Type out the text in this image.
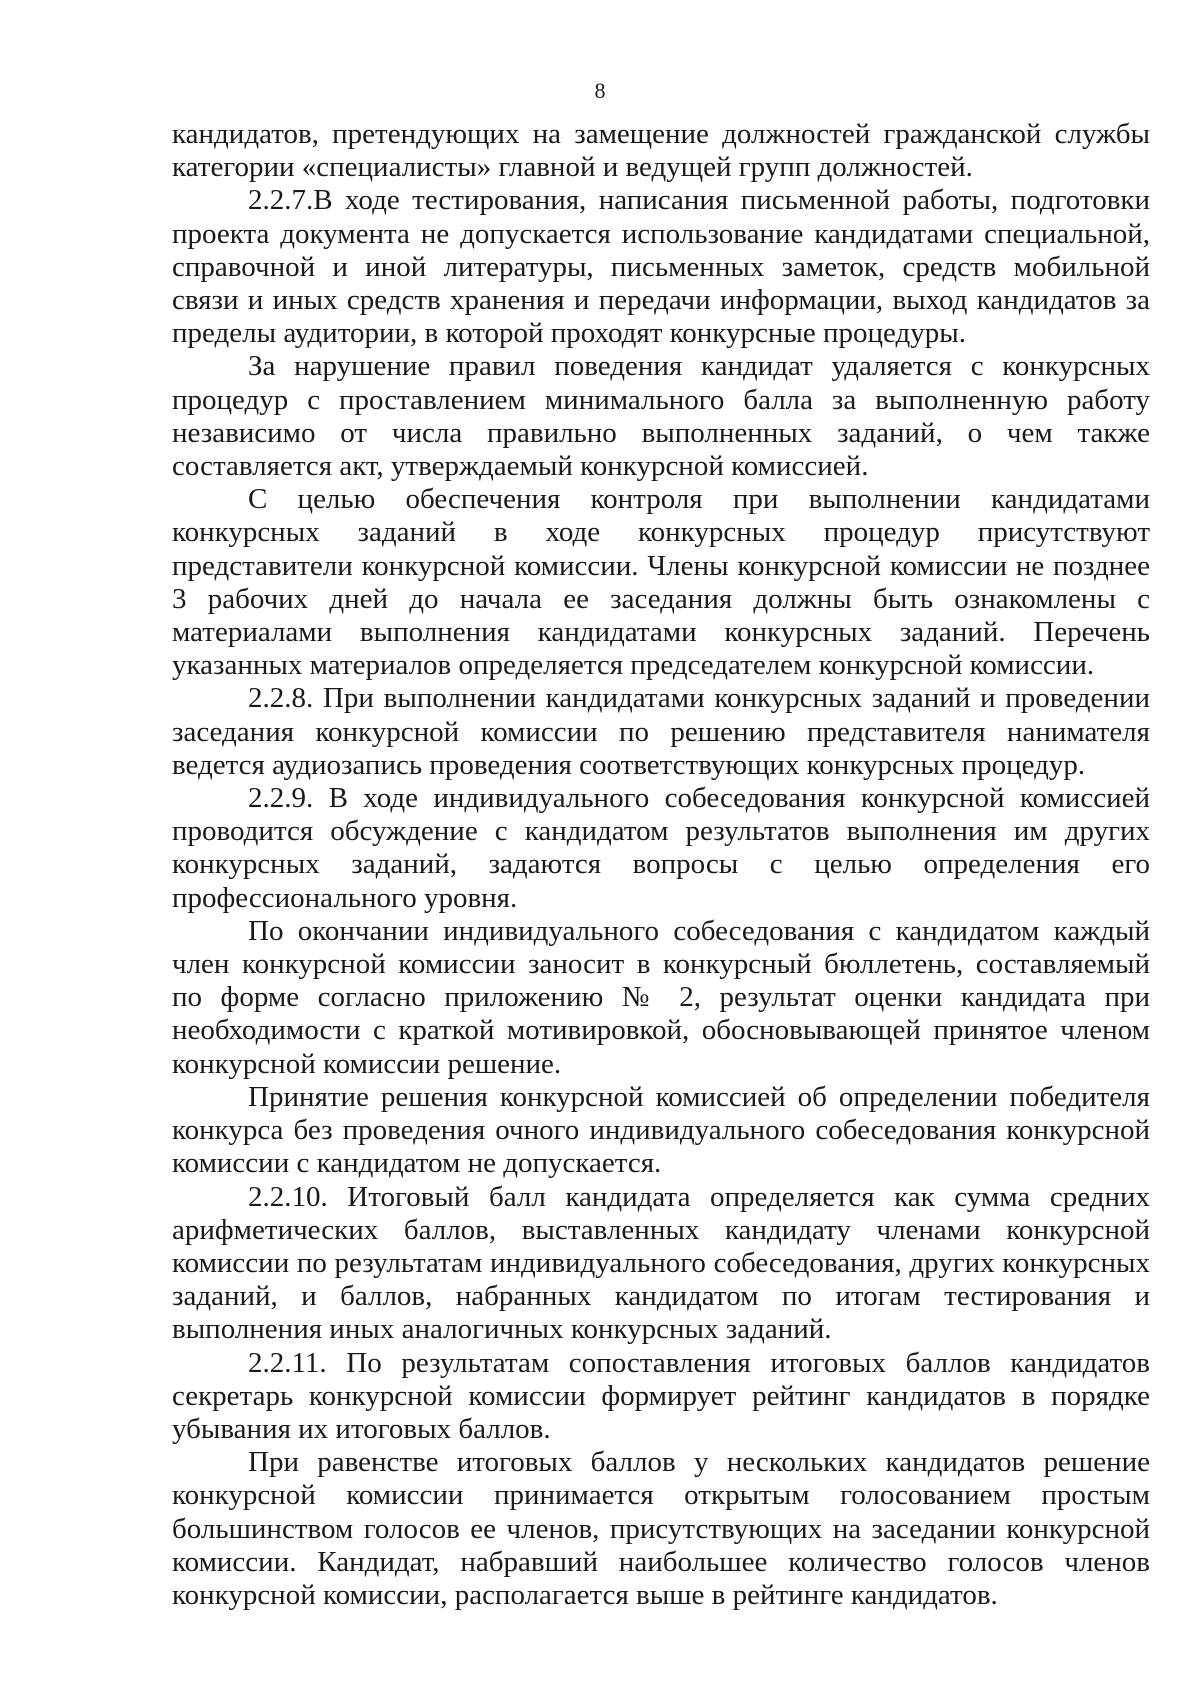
8

кандидатов, претендующих на замещение должностей гражданской службы категории «специалисты» главной и ведущей групп должностей.

2.2.7.В ходе тестирования, написания письменной работы, подготовки проекта документа не допускается использование кандидатами специальной, справочной и иной литературы, письменных заметок, средств мобильной связи и иных средств хранения и передачи информации, выход кандидатов за пределы аудитории, в которой проходят конкурсные процедуры.

За нарушение правил поведения кандидат удаляется с конкурсных процедур с проставлением минимального балла за выполненную работу независимо от числа правильно выполненных заданий, о чем также составляется акт, утверждаемый конкурсной комиссией.

С целью обеспечения контроля при выполнении кандидатами конкурсных заданий в ходе конкурсных процедур присутствуют представители конкурсной комиссии. Члены конкурсной комиссии не позднее 3 рабочих дней до начала ее заседания должны быть ознакомлены с материалами выполнения кандидатами конкурсных заданий. Перечень указанных материалов определяется председателем конкурсной комиссии.

2.2.8. При выполнении кандидатами конкурсных заданий и проведении заседания конкурсной комиссии по решению представителя нанимателя ведется аудиозапись проведения соответствующих конкурсных процедур.

2.2.9. В ходе индивидуального собеседования конкурсной комиссией проводится обсуждение с кандидатом результатов выполнения им других конкурсных заданий, задаются вопросы с целью определения его профессионального уровня.

По окончании индивидуального собеседования с кандидатом каждый член конкурсной комиссии заносит в конкурсный бюллетень, составляемый по форме согласно приложению № 2, результат оценки кандидата при необходимости с краткой мотивировкой, обосновывающей принятое членом конкурсной комиссии решение.

Принятие решения конкурсной комиссией об определении победителя конкурса без проведения очного индивидуального собеседования конкурсной комиссии с кандидатом не допускается.

2.2.10. Итоговый балл кандидата определяется как сумма средних арифметических баллов, выставленных кандидату членами конкурсной комиссии по результатам индивидуального собеседования, других конкурсных заданий, и баллов, набранных кандидатом по итогам тестирования и выполнения иных аналогичных конкурсных заданий.

2.2.11. По результатам сопоставления итоговых баллов кандидатов секретарь конкурсной комиссии формирует рейтинг кандидатов в порядке убывания их итоговых баллов.

При равенстве итоговых баллов у нескольких кандидатов решение конкурсной комиссии принимается открытым голосованием простым большинством голосов ее членов, присутствующих на заседании конкурсной комиссии. Кандидат, набравший наибольшее количество голосов членов конкурсной комиссии, располагается выше в рейтинге кандидатов.
